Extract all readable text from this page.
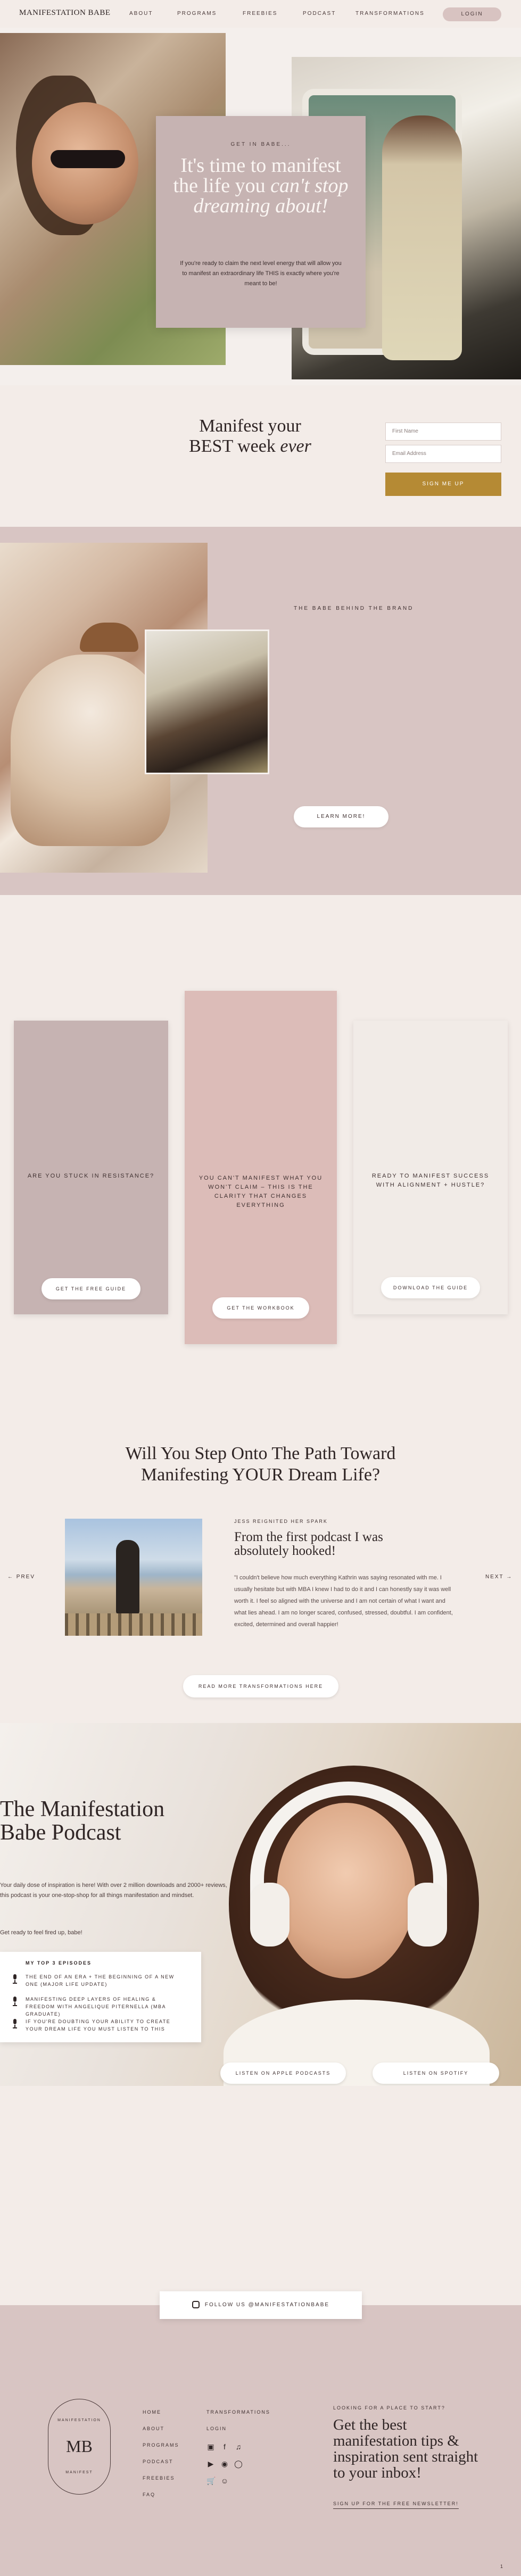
MANIFESTATION BABE	ABOUT	PROGRAMS	FREEBIES	PODCAST	TRANSFORMATIONS	LOGIN
GET IN BABE...
It's time to manifest the life you can't stop dreaming about!
If you're ready to claim the next level energy that will allow you to manifest an extraordinary life THIS is exactly where you're meant to be!
Manifest your BEST week ever
First Name
Email Address
SIGN ME UP
THE BABE BEHIND THE BRAND
LEARN MORE!
ARE YOU STUCK IN RESISTANCE?
GET THE FREE GUIDE
YOU CAN'T MANIFEST WHAT YOU WON'T CLAIM – THIS IS THE CLARITY THAT CHANGES EVERYTHING
GET THE WORKBOOK
READY TO MANIFEST SUCCESS WITH ALIGNMENT + HUSTLE?
DOWNLOAD THE GUIDE
Will You Step Onto The Path Toward Manifesting YOUR Dream Life?
← PREV	NEXT →
JESS REIGNITED HER SPARK
From the first podcast I was absolutely hooked!
"I couldn't believe how much everything Kathrin was saying resonated with me. I usually hesitate but with MBA I knew I had to do it and I can honestly say it was well worth it. I feel so aligned with the universe and I am not certain of what I want and what lies ahead. I am no longer scared, confused, stressed, doubtful. I am confident, excited, determined and overall happier!
READ MORE TRANSFORMATIONS HERE
The Manifestation Babe Podcast
Your daily dose of inspiration is here! With over 2 million downloads and 2000+ reviews, this podcast is your one-stop-shop for all things manifestation and mindset.
Get ready to feel fired up, babe!
MY TOP 3 EPISODES
THE END OF AN ERA + THE BEGINNING OF A NEW ONE (MAJOR LIFE UPDATE)
MANIFESTING DEEP LAYERS OF HEALING & FREEDOM WITH ANGELIQUE PITERNELLA (MBA GRADUATE)
IF YOU'RE DOUBTING YOUR ABILITY TO CREATE YOUR DREAM LIFE YOU MUST LISTEN TO THIS
LISTEN ON APPLE PODCASTS	LISTEN ON SPOTIFY
FOLLOW US @MANIFESTATIONBABE
MANIFESTATION
MB
MANIFEST
HOME
ABOUT
PROGRAMS
PODCAST
FREEBIES
FAQ
TRANSFORMATIONS
LOGIN
▣	f	♫
▶ ◉ ◯
🛒 ☺
LOOKING FOR A PLACE TO START?
Get the best manifestation tips & inspiration sent straight to your inbox!
SIGN UP FOR THE FREE NEWSLETTER!
1
